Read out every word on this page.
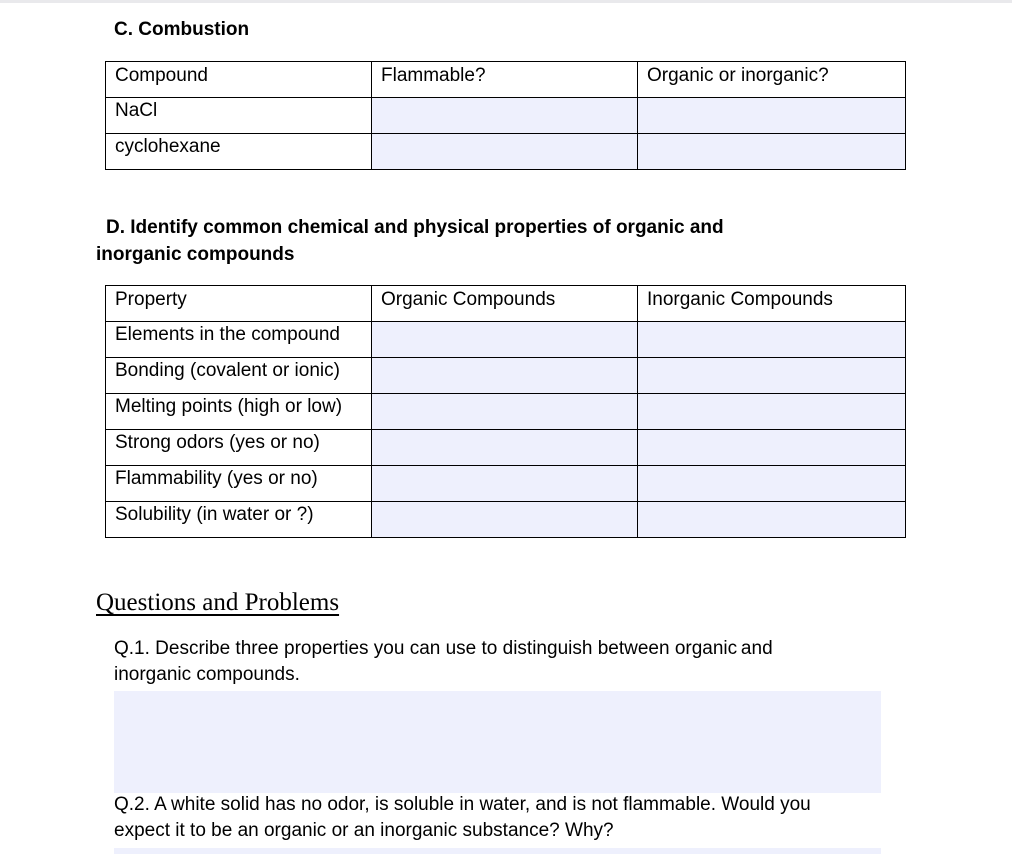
C. Combustion
Compound	Flammable?	Organic or inorganic?
NaCl		
cyclohexane		
D. Identify common chemical and physical properties of organic and
inorganic compounds
Property	Organic Compounds	Inorganic Compounds
Elements in the compound		
Bonding (covalent or ionic)		
Melting points (high or low)		
Strong odors (yes or no)		
Flammability (yes or no)		
Solubility (in water or ?)		
Questions and Problems
Q.1. Describe three properties you can use to distinguish between organic and
inorganic compounds.
Q.2. A white solid has no odor, is soluble in water, and is not flammable. Would you
expect it to be an organic or an inorganic substance? Why?
